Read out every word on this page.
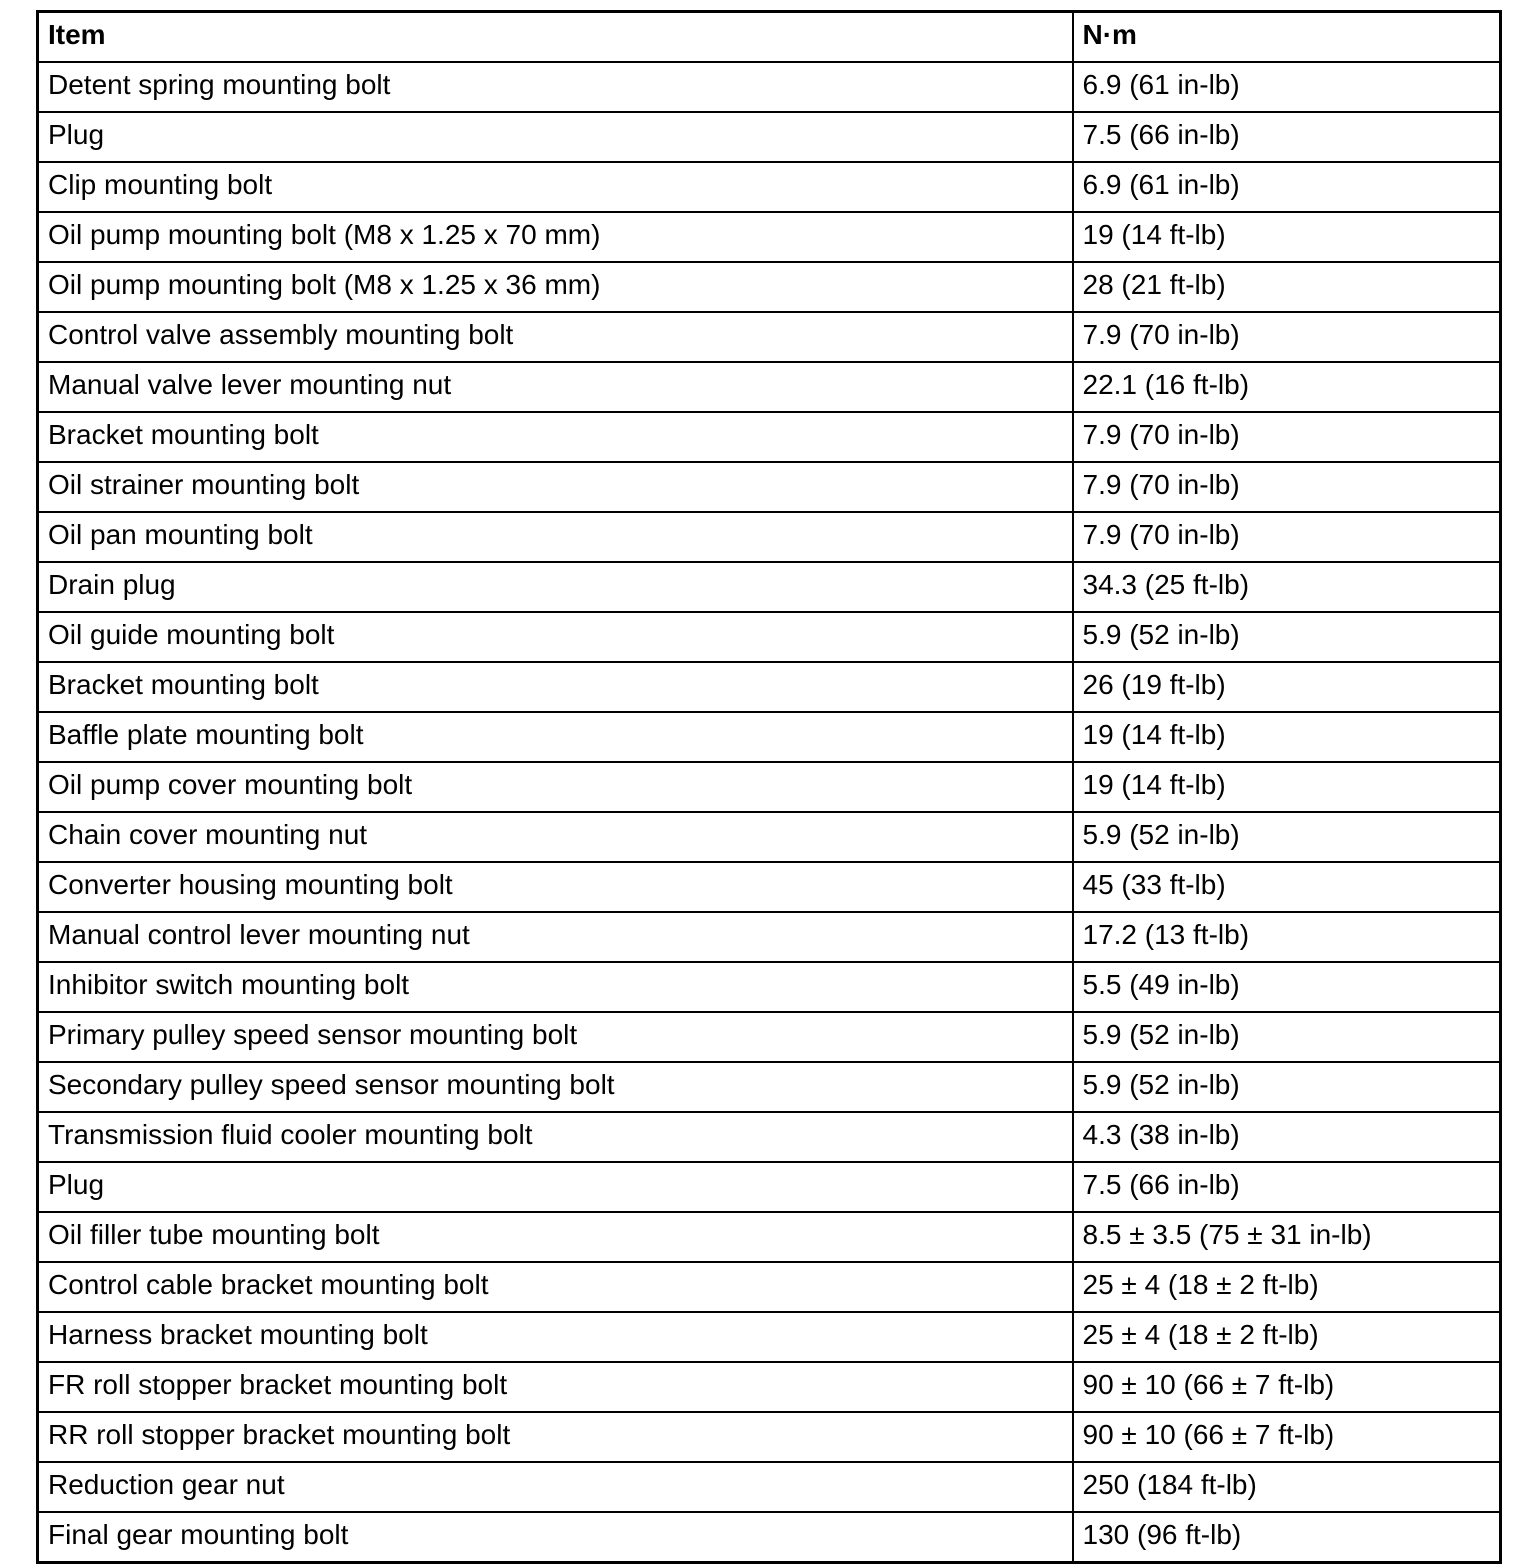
Item	N·m
Detent spring mounting bolt	6.9 (61 in-lb)
Plug	7.5 (66 in-lb)
Clip mounting bolt	6.9 (61 in-lb)
Oil pump mounting bolt (M8 x 1.25 x 70 mm)	19 (14 ft-lb)
Oil pump mounting bolt (M8 x 1.25 x 36 mm)	28 (21 ft-lb)
Control valve assembly mounting bolt	7.9 (70 in-lb)
Manual valve lever mounting nut	22.1 (16 ft-lb)
Bracket mounting bolt	7.9 (70 in-lb)
Oil strainer mounting bolt	7.9 (70 in-lb)
Oil pan mounting bolt	7.9 (70 in-lb)
Drain plug	34.3 (25 ft-lb)
Oil guide mounting bolt	5.9 (52 in-lb)
Bracket mounting bolt	26 (19 ft-lb)
Baffle plate mounting bolt	19 (14 ft-lb)
Oil pump cover mounting bolt	19 (14 ft-lb)
Chain cover mounting nut	5.9 (52 in-lb)
Converter housing mounting bolt	45 (33 ft-lb)
Manual control lever mounting nut	17.2 (13 ft-lb)
Inhibitor switch mounting bolt	5.5 (49 in-lb)
Primary pulley speed sensor mounting bolt	5.9 (52 in-lb)
Secondary pulley speed sensor mounting bolt	5.9 (52 in-lb)
Transmission fluid cooler mounting bolt	4.3 (38 in-lb)
Plug	7.5 (66 in-lb)
Oil filler tube mounting bolt	8.5 ± 3.5 (75 ± 31 in-lb)
Control cable bracket mounting bolt	25 ± 4 (18 ± 2 ft-lb)
Harness bracket mounting bolt	25 ± 4 (18 ± 2 ft-lb)
FR roll stopper bracket mounting bolt	90 ± 10 (66 ± 7 ft-lb)
RR roll stopper bracket mounting bolt	90 ± 10 (66 ± 7 ft-lb)
Reduction gear nut	250 (184 ft-lb)
Final gear mounting bolt	130 (96 ft-lb)
